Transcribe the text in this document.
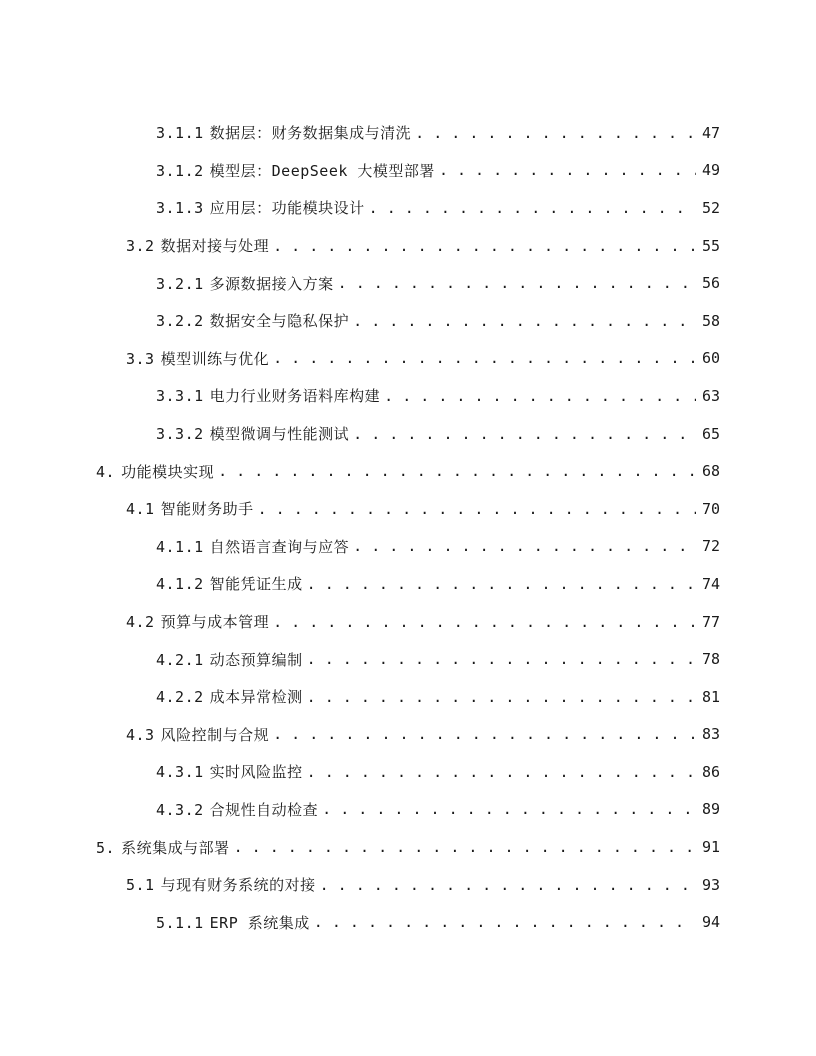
3.1.1 数据层：财务数据集成与清洗 . . .	47
3.1.2 模型层：DeepSeek 大模型部署 . . .	49
3.1.3 应用层：功能模块设计 . . .	52
3.2 数据对接与处理 . . .	55
3.2.1 多源数据接入方案 . . .	56
3.2.2 数据安全与隐私保护 . . .	58
3.3 模型训练与优化 . . .	60
3.3.1 电力行业财务语料库构建 . . .	63
3.3.2 模型微调与性能测试 . . .	65
4. 功能模块实现 . . .	68
4.1 智能财务助手 . . .	70
4.1.1 自然语言查询与应答 . . .	72
4.1.2 智能凭证生成 . . .	74
4.2 预算与成本管理 . . .	77
4.2.1 动态预算编制 . . .	78
4.2.2 成本异常检测 . . .	81
4.3 风险控制与合规 . . .	83
4.3.1 实时风险监控 . . .	86
4.3.2 合规性自动检查 . . .	89
5. 系统集成与部署 . . .	91
5.1 与现有财务系统的对接 . . .	93
5.1.1 ERP 系统集成 . . .	94
